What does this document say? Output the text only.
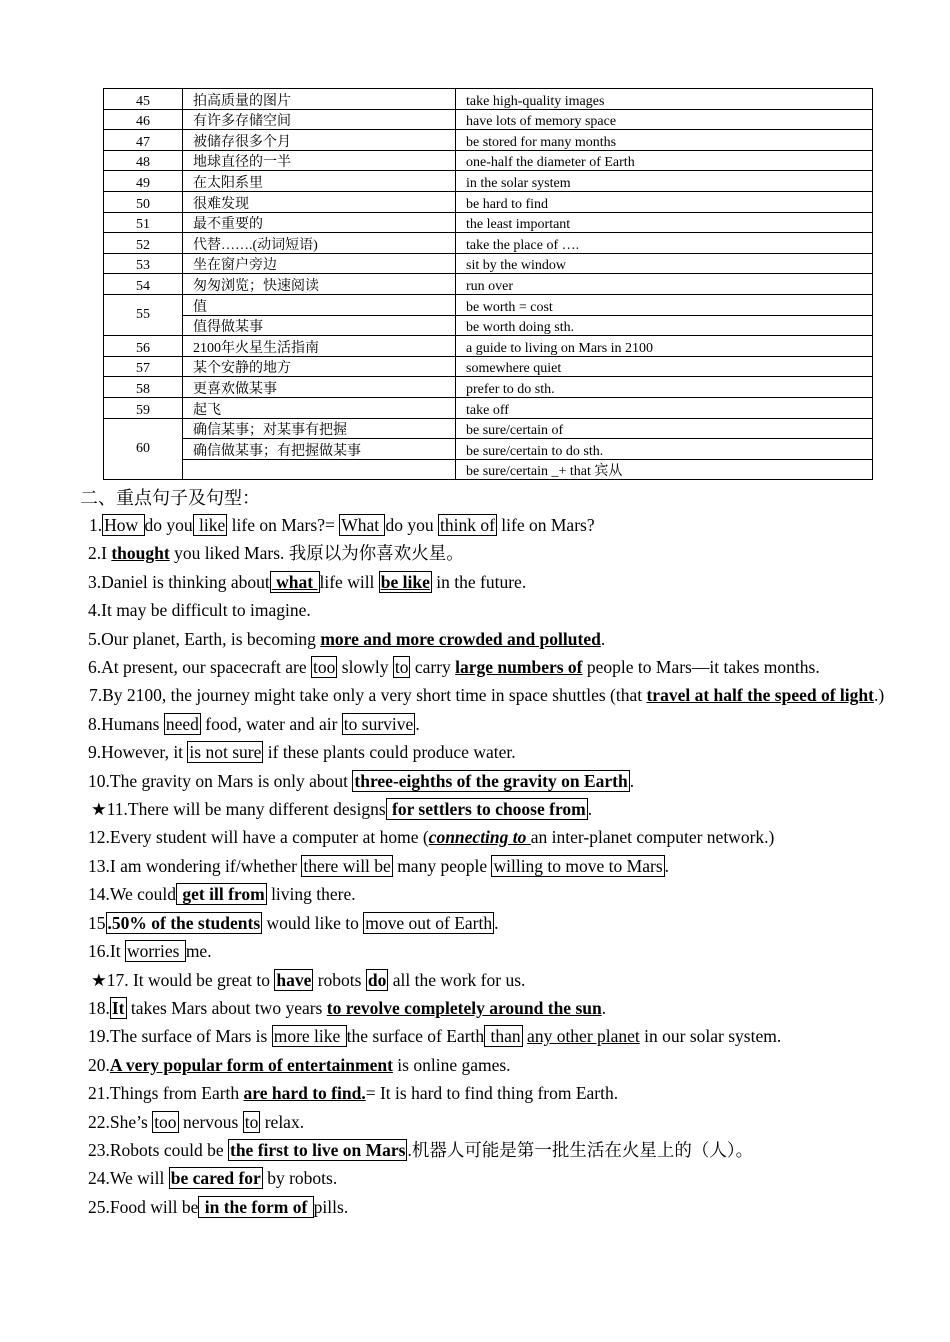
45	拍高质量的图片	take high-quality images
46	有许多存储空间	have lots of memory space
47	被储存很多个月	be stored for many months
48	地球直径的一半	one-half the diameter of Earth
49	在太阳系里	in the solar system
50	很难发现	be hard to find
51	最不重要的	the least important
52	代替…….(动词短语)	take the place of ….
53	坐在窗户旁边	sit by the window
54	匆匆浏览；快速阅读	run over
55	值	be worth = cost
	值得做某事	be worth doing sth.
56	2100年火星生活指南	a guide to living on Mars in 2100
57	某个安静的地方	somewhere quiet
58	更喜欢做某事	prefer to do sth.
59	起飞	take off
60	确信某事；对某事有把握	be sure/certain of
	确信做某事；有把握做某事	be sure/certain to do sth.
		be sure/certain _+ that 宾从
二、重点句子及句型：
1. How do you like life on Mars?= What do you think of life on Mars?
2.I thought you liked Mars. 我原以为你喜欢火星。
3.Daniel is thinking about what life will be like in the future.
4.It may be difficult to imagine.
5.Our planet, Earth, is becoming more and more crowded and polluted.
6.At present, our spacecraft are too slowly to carry large numbers of people to Mars—it takes months.
7.By 2100, the journey might take only a very short time in space shuttles (that travel at half the speed of light.)
8.Humans need food, water and air to survive .
9.However, it is not sure if these plants could produce water.
10.The gravity on Mars is only about three-eighths of the gravity on Earth .
★11.There will be many different designs for settlers to choose from .
12.Every student will have a computer at home (connecting to an inter-planet computer network.)
13.I am wondering if/whether there will be many people willing to move to Mars .
14.We could get ill from living there.
15 .50% of the students would like to move out of Earth .
16.It worries me.
★17. It would be great to have robots do all the work for us.
18. It takes Mars about two years to revolve completely around the sun.
19.The surface of Mars is more like the surface of Earth than any other planet in our solar system.
20.A very popular form of entertainment is online games.
21.Things from Earth are hard to find.= It is hard to find thing from Earth.
22.She’s too nervous to relax.
23.Robots could be the first to live on Mars .机器人可能是第一批生活在火星上的（人）。
24.We will be cared for by robots.
25.Food will be in the form of pills.
